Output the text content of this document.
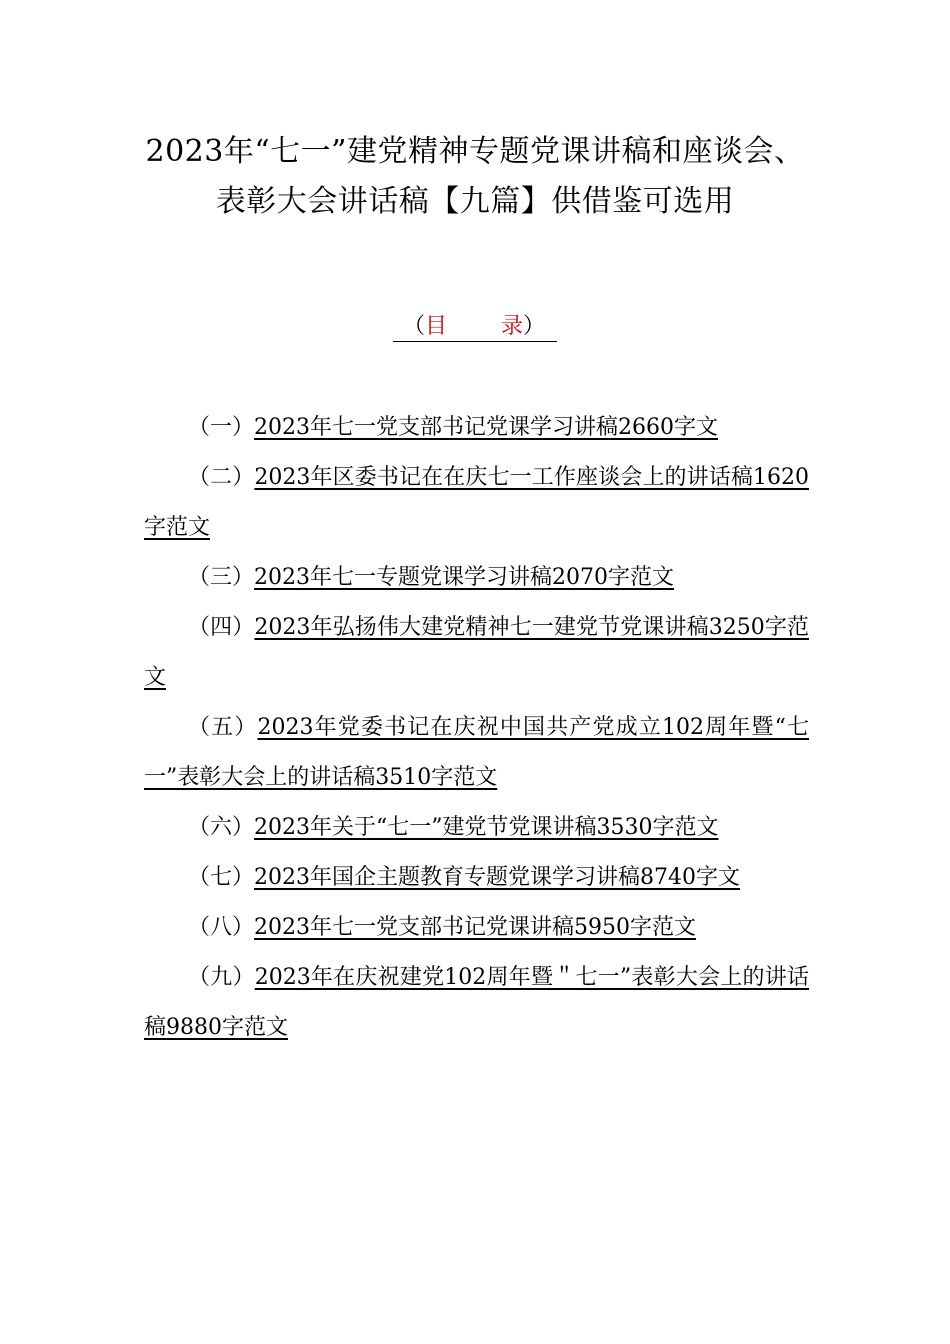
2023年“七一”建党精神专题党课讲稿和座谈会、
表彰大会讲话稿【九篇】供借鉴可选用
（目 录）

（一）2023年七一党支部书记党课学习讲稿2660字文

（二）2023年区委书记在在庆七一工作座谈会上的讲话稿1620字范文

（三）2023年七一专题党课学习讲稿2070字范文

（四）2023年弘扬伟大建党精神七一建党节党课讲稿3250字范文

（五）2023年党委书记在庆祝中国共产党成立102周年暨“七一”表彰大会上的讲话稿3510字范文

（六）2023年关于“七一”建党节党课讲稿3530字范文

（七）2023年国企主题教育专题党课学习讲稿8740字文

（八）2023年七一党支部书记党课讲稿5950字范文

（九）2023年在庆祝建党102周年暨＂七一”表彰大会上的讲话稿9880字范文
